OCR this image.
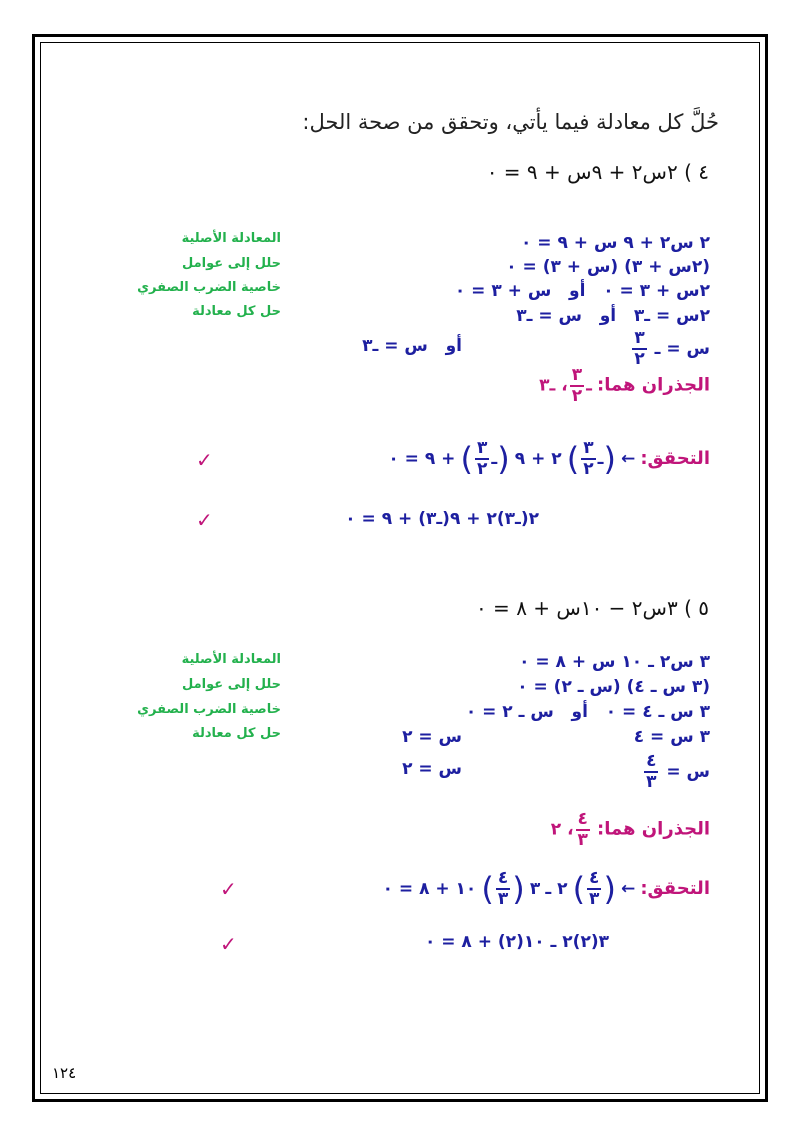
حُلَّ كل معادلة فيما يأتي، وتحقق من صحة الحل:
٤ ) ٢س٢ + ٩س + ٩ = ٠
٢ س٢ + ٩ س + ٩ = ٠
(٢س + ٣) (س + ٣) = ٠
٢س + ٣ = ٠   أو   س + ٣ = ٠
٢س = ـ٣   أو   س = ـ٣
س = ـ
$\frac{٣}{٢}$
أو   س = ـ٣
المعادلة الأصلية
حلل إلى عوامل
خاصية الضرب الصفري
حل كل معادلة
الجذران هما: ـ
$\frac{٣}{٢}$
، ـ٣
التحقق: ← (ـ
$\frac{٣}{٢}$
) ٢ + ٩ (ـ
$\frac{٣}{٢}$
) + ٩ = ٠
✓
٢(ـ٣)٢ + ٩(ـ٣) + ٩ = ٠
✓
٥ ) ٣س٢ − ١٠س + ٨ = ٠
٣ س٢ ـ ١٠ س + ٨ = ٠
(٣ س ـ ٤) (س ـ ٢) = ٠
٣ س ـ ٤ = ٠   أو   س ـ ٢ = ٠
٣ س = ٤
س = ٢
س =
$\frac{٤}{٣}$
س = ٢
المعادلة الأصلية
حلل إلى عوامل
خاصية الضرب الصفري
حل كل معادلة
الجذران هما:
$\frac{٤}{٣}$
، ٢
التحقق: ← (
$\frac{٤}{٣}$
) ٢ ـ ٣ (
$\frac{٤}{٣}$
) ١٠ + ٨ = ٠
✓
٣(٢)٢ ـ ١٠(٢) + ٨ = ٠
✓
١٢٤
